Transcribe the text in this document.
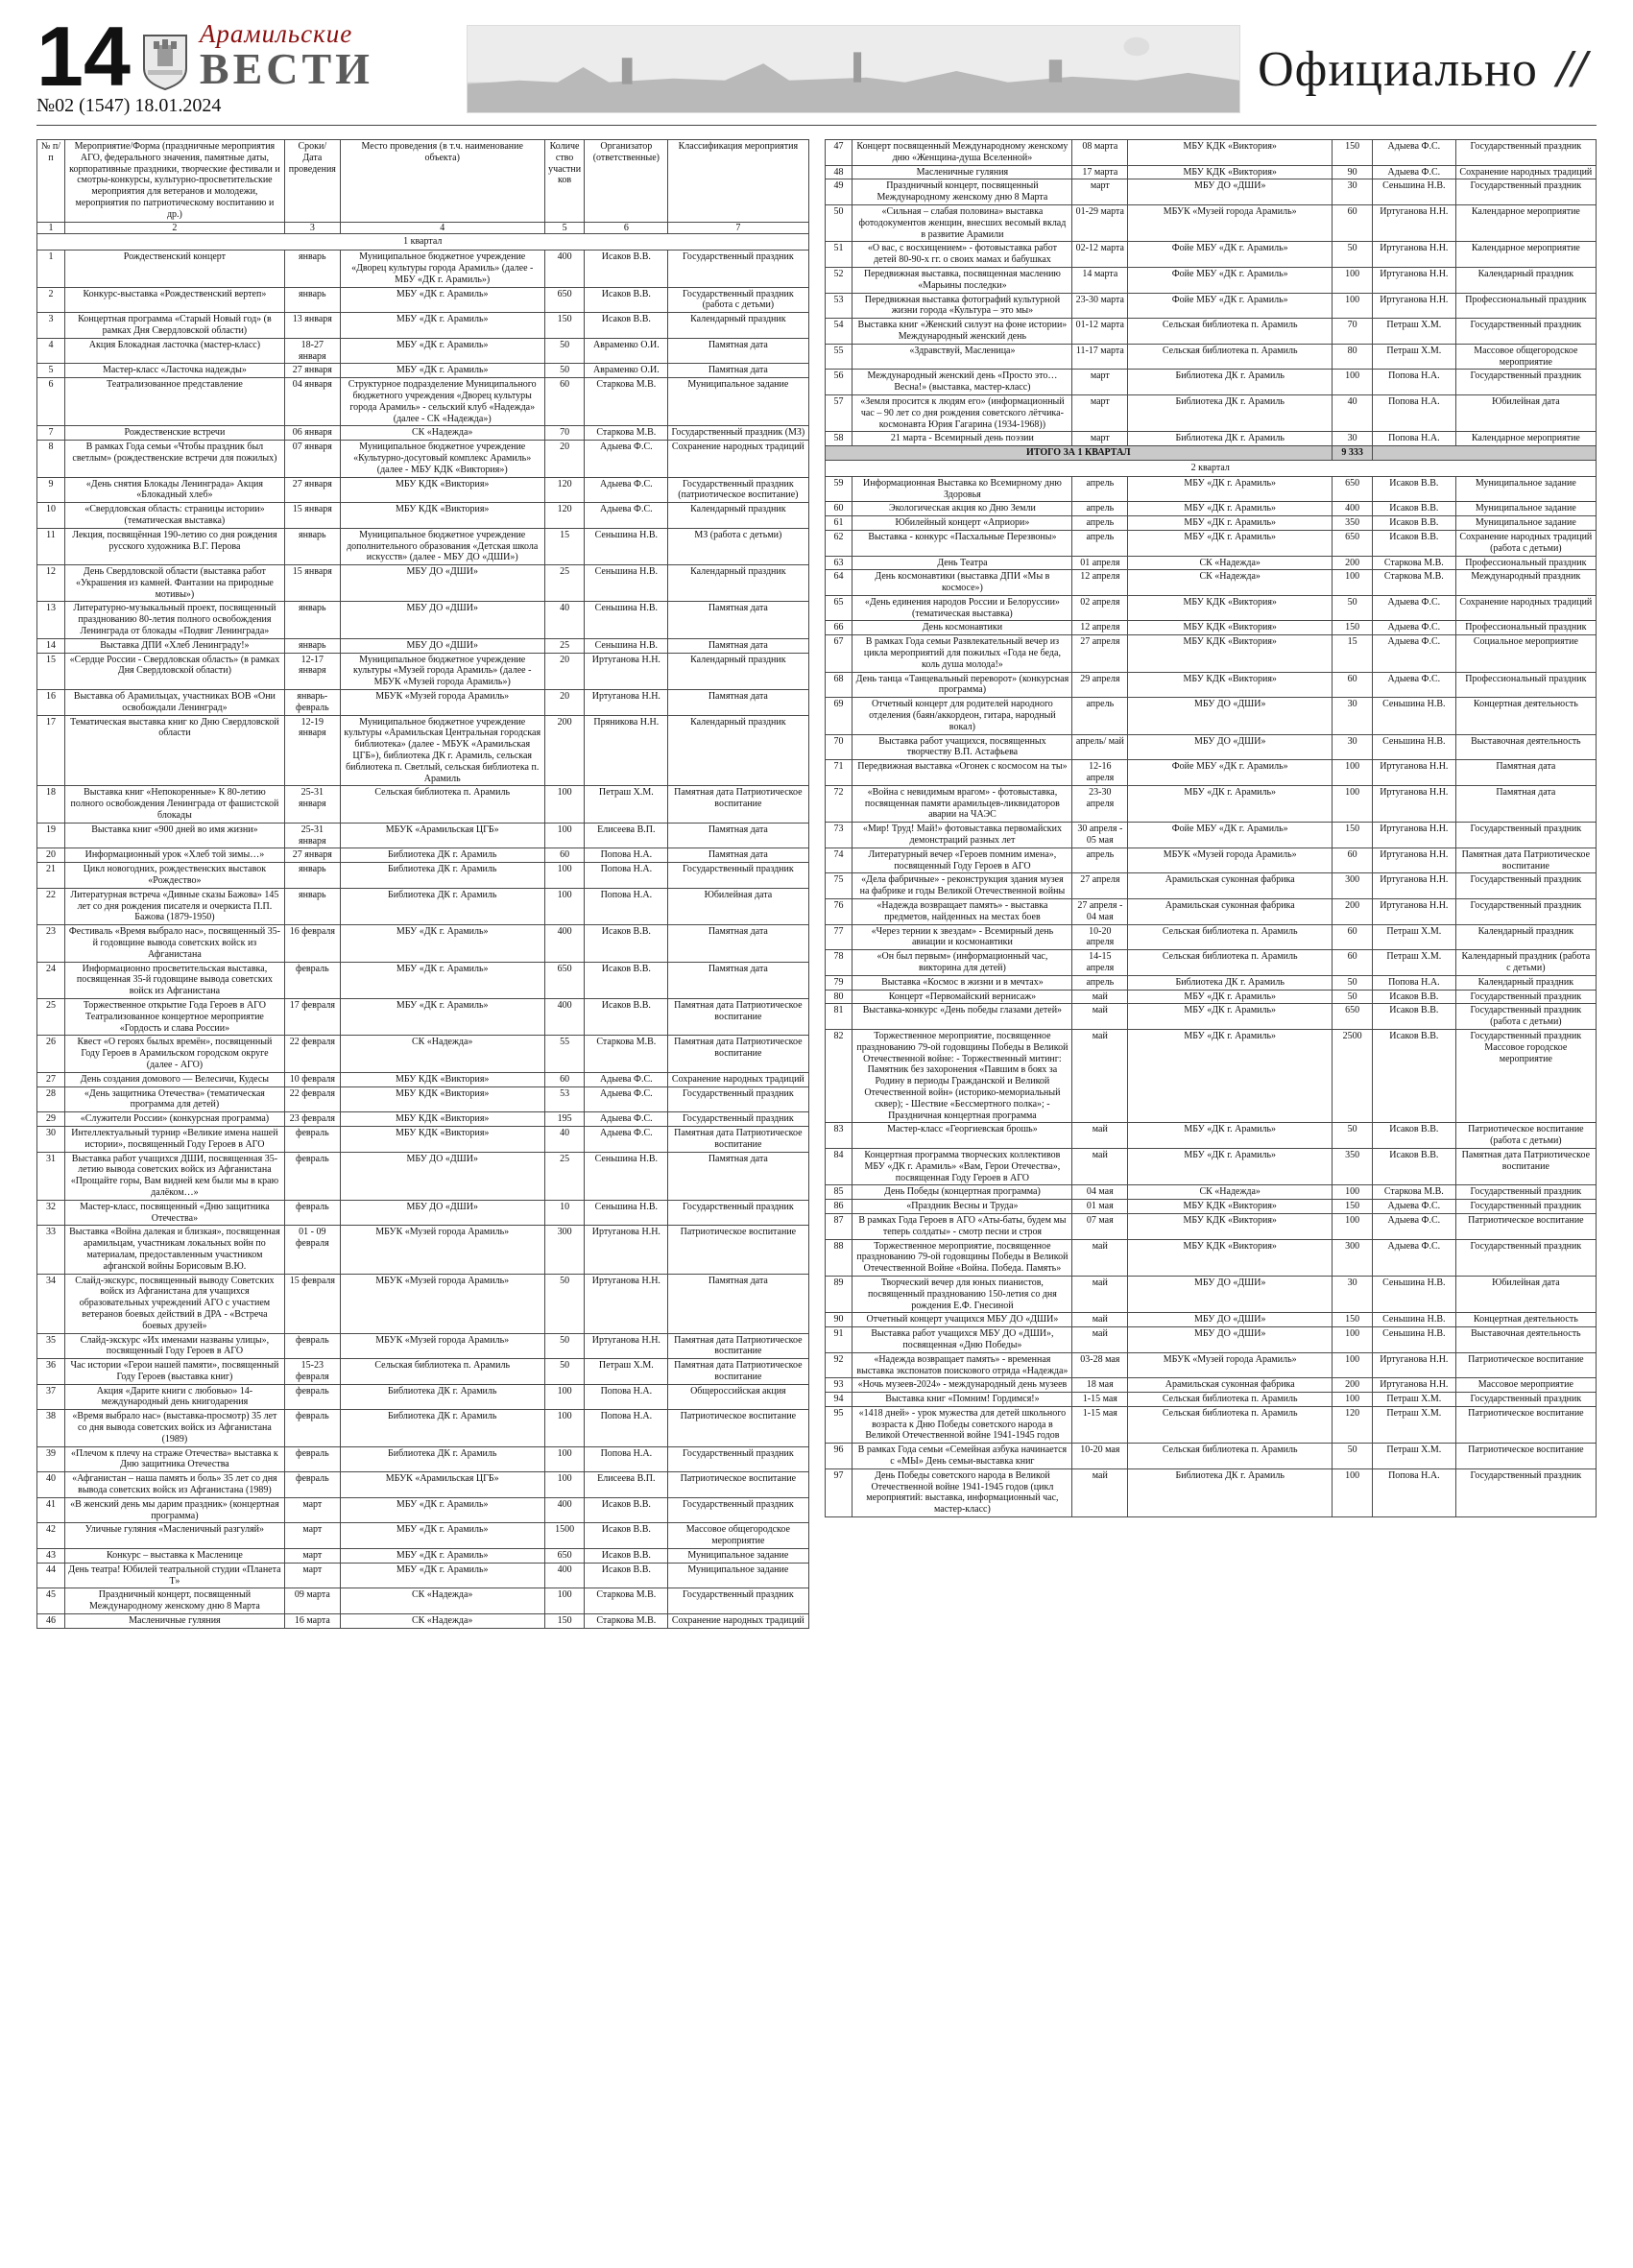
14	Арамильские
ВЕСТИ
№02 (1547) 18.01.2024
Официально //
№ п/п	Мероприятие/Форма (праздничные мероприятия АГО, федерального значения, памятные даты, корпоративные праздники, творческие фестивали и смотры-конкурсы, культурно-просветительские мероприятия для ветеранов и молодежи, мероприятия по патриотическому воспитанию и др.)	Сроки/ Дата проведения	Место проведения (в т.ч. наименование объекта)	Количество участников	Организатор (ответственные)	Классификация мероприятия
1	2	3	4	5	6	7
1 квартал						
1	Рождественский концерт	январь	Муниципальное бюджетное учреждение «Дворец культуры города Арамиль» (далее - МБУ «ДК г. Арамиль»)	400	Исаков В.В.	Государственный праздник
2	Конкурс-выставка «Рождественский вертеп»	январь	МБУ «ДК г. Арамиль»	650	Исаков В.В.	Государственный праздник (работа с детьми)
3	Концертная программа «Старый Новый год» (в рамках Дня Свердловской области)	13 января	МБУ «ДК г. Арамиль»	150	Исаков В.В.	Календарный праздник
4	Акция Блокадная ласточка (мастер-класс)	18-27 января	МБУ «ДК г. Арамиль»	50	Авраменко О.И.	Памятная дата
5	Мастер-класс «Ласточка надежды»	27 января	МБУ «ДК г. Арамиль»	50	Авраменко О.И.	Памятная дата
6	Театрализованное представление	04 января	Структурное подразделение Муниципального бюджетного учреждения «Дворец культуры города Арамиль» - сельский клуб «Надежда» (далее - СК «Надежда»)	60	Старкова М.В.	Муниципальное задание
7	Рождественские встречи	06 января	СК «Надежда»	70	Старкова М.В.	Государственный праздник (МЗ)
8	В рамках Года семьи «Чтобы праздник был светлым» (рождественские встречи для пожилых)	07 января	Муниципальное бюджетное учреждение «Культурно-досуговый комплекс Арамиль» (далее - МБУ КДК «Виктория»)	20	Адыева Ф.С.	Сохранение народных традиций
9	«День снятия Блокады Ленинграда» Акция «Блокадный хлеб»	27 января	МБУ КДК «Виктория»	120	Адыева Ф.С.	Государственный праздник (патриотическое воспитание)
10	«Свердловская область: страницы истории» (тематическая выставка)	15 января	МБУ КДК «Виктория»	120	Адыева Ф.С.	Календарный праздник
11	Лекция, посвящённая 190-летию со дня рождения русского художника В.Г. Перова	январь	Муниципальное бюджетное учреждение дополнительного образования «Детская школа искусств» (далее - МБУ ДО «ДШИ»)	15	Сеньшина Н.В.	МЗ (работа с детьми)
12	День Свердловской области (выставка работ «Украшения из камней. Фантазии на природные мотивы»)	15 января	МБУ ДО «ДШИ»	25	Сеньшина Н.В.	Календарный праздник
13	Литературно-музыкальный проект, посвященный празднованию 80-летия полного освобождения Ленинграда от блокады «Подвиг Ленинграда»	январь	МБУ ДО «ДШИ»	40	Сеньшина Н.В.	Памятная дата
14	Выставка ДПИ «Хлеб Ленинграду!»	январь	МБУ ДО «ДШИ»	25	Сеньшина Н.В.	Памятная дата
15	«Сердце России - Свердловская область» (в рамках Дня Свердловской области)	12-17 января	Муниципальное бюджетное учреждение культуры «Музей города Арамиль» (далее - МБУК «Музей города Арамиль»)	20	Иртуганова Н.Н.	Календарный праздник
16	Выставка об Арамильцах, участниках ВОВ «Они освобождали Ленинград»	январь-февраль	МБУК «Музей города Арамиль»	20	Иртуганова Н.Н.	Памятная дата
17	Тематическая выставка книг ко Дню Свердловской области	12-19 января	Муниципальное бюджетное учреждение культуры «Арамильская Центральная городская библиотека» (далее - МБУК «Арамильская ЦГБ»), библиотека ДК г. Арамиль, сельская библиотека п. Светлый, сельская библиотека п. Арамиль	200	Пряникова Н.Н.	Календарный праздник
18	Выставка книг «Непокоренные» К 80-летию полного освобождения Ленинграда от фашистской блокады	25-31 января	Сельская библиотека п. Арамиль	100	Петраш Х.М.	Памятная дата Патриотическое воспитание
19	Выставка книг «900 дней во имя жизни»	25-31 января	МБУК «Арамильская ЦГБ»	100	Елисеева В.П.	Памятная дата
20	Информационный урок «Хлеб той зимы…»	27 января	Библиотека ДК г. Арамиль	60	Попова Н.А.	Памятная дата
21	Цикл новогодних, рождественских выставок «Рождество»	январь	Библиотека ДК г. Арамиль	100	Попова Н.А.	Государственный праздник
22	Литературная встреча «Дивные сказы Бажова» 145 лет со дня рождения писателя и очеркиста П.П. Бажова (1879-1950)	январь	Библиотека ДК г. Арамиль	100	Попова Н.А.	Юбилейная дата
23	Фестиваль «Время выбрало нас», посвященный 35-й годовщине вывода советских войск из Афганистана	16 февраля	МБУ «ДК г. Арамиль»	400	Исаков В.В.	Памятная дата
24	Информационно просветительская выставка, посвященная 35-й годовщине вывода советских войск из Афганистана	февраль	МБУ «ДК г. Арамиль»	650	Исаков В.В.	Памятная дата
25	Торжественное открытие Года Героев в АГО Театрализованное концертное мероприятие «Гордость и слава России»	17 февраля	МБУ «ДК г. Арамиль»	400	Исаков В.В.	Памятная дата Патриотическое воспитание
26	Квест «О героях былых времён», посвященный Году Героев в Арамильском городском округе (далее - АГО)	22 февраля	СК «Надежда»	55	Старкова М.В.	Памятная дата Патриотическое воспитание
27	День создания домового — Велесичи, Кудесы	10 февраля	МБУ КДК «Виктория»	60	Адыева Ф.С.	Сохранение народных традиций
28	«День защитника Отечества» (тематическая программа для детей)	22 февраля	МБУ КДК «Виктория»	53	Адыева Ф.С.	Государственный праздник
29	«Служители России» (конкурсная программа)	23 февраля	МБУ КДК «Виктория»	195	Адыева Ф.С.	Государственный праздник
30	Интеллектуальный турнир «Великие имена нашей истории», посвященный Году Героев в АГО	февраль	МБУ КДК «Виктория»	40	Адыева Ф.С.	Памятная дата Патриотическое воспитание
31	Выставка работ учащихся ДШИ, посвященная 35-летию вывода советских войск из Афганистана «Прощайте горы, Вам видней кем были мы в краю далёком…»	февраль	МБУ ДО «ДШИ»	25	Сеньшина Н.В.	Памятная дата
32	Мастер-класс, посвященный «Дню защитника Отечества»	февраль	МБУ ДО «ДШИ»	10	Сеньшина Н.В.	Государственный праздник
33	Выставка «Война далекая и близкая», посвященная арамильцам, участникам локальных войн по материалам, предоставленным участником афганской войны Борисовым В.Ю.	01 - 09 февраля	МБУК «Музей города Арамиль»	300	Иртуганова Н.Н.	Патриотическое воспитание
34	Слайд-экскурс, посвященный выводу Советских войск из Афганистана для учащихся образовательных учреждений АГО с участием ветеранов боевых действий в ДРА - «Встреча боевых друзей»	15 февраля	МБУК «Музей города Арамиль»	50	Иртуганова Н.Н.	Памятная дата
35	Слайд-экскурс «Их именами названы улицы», посвященный Году Героев в АГО	февраль	МБУК «Музей города Арамиль»	50	Иртуганова Н.Н.	Памятная дата Патриотическое воспитание
36	Час истории «Герои нашей памяти», посвященный Году Героев (выставка книг)	15-23 февраля	Сельская библиотека п. Арамиль	50	Петраш Х.М.	Памятная дата Патриотическое воспитание
37	Акция «Дарите книги с любовью» 14-международный день книгодарения	февраль	Библиотека ДК г. Арамиль	100	Попова Н.А.	Общероссийская акция
38	«Время выбрало нас» (выставка-просмотр) 35 лет со дня вывода советских войск из Афганистана (1989)	февраль	Библиотека ДК г. Арамиль	100	Попова Н.А.	Патриотическое воспитание
39	«Плечом к плечу на страже Отечества» выставка к Дню защитника Отечества	февраль	Библиотека ДК г. Арамиль	100	Попова Н.А.	Государственный праздник
40	«Афганистан – наша память и боль» 35 лет со дня вывода советских войск из Афганистана (1989)	февраль	МБУК «Арамильская ЦГБ»	100	Елисеева В.П.	Патриотическое воспитание
41	«В женский день мы дарим праздник» (концертная программа)	март	МБУ «ДК г. Арамиль»	400	Исаков В.В.	Государственный праздник
42	Уличные гуляния «Масленичный разгуляй»	март	МБУ «ДК г. Арамиль»	1500	Исаков В.В.	Массовое общегородское мероприятие
43	Конкурс – выставка к Масленице	март	МБУ «ДК г. Арамиль»	650	Исаков В.В.	Муниципальное задание
44	День театра! Юбилей театральной студии «Планета Т»	март	МБУ «ДК г. Арамиль»	400	Исаков В.В.	Муниципальное задание
45	Праздничный концерт, посвященный Международному женскому дню 8 Марта	09 марта	СК «Надежда»	100	Старкова М.В.	Государственный праздник
46	Масленичные гуляния	16 марта	СК «Надежда»	150	Старкова М.В.	Сохранение народных традиций
47	Концерт посвященный Международному женскому дню «Женщина-душа Вселенной»	08 марта	МБУ КДК «Виктория»	150	Адыева Ф.С.	Государственный праздник
48	Масленичные гуляния	17 марта	МБУ КДК «Виктория»	90	Адыева Ф.С.	Сохранение народных традиций
49	Праздничный концерт, посвященный Международному женскому дню 8 Марта	март	МБУ ДО «ДШИ»	30	Сеньшина Н.В.	Государственный праздник
50	«Сильная – слабая половина» выставка фотодокументов женщин, внесших весомый вклад в развитие Арамили	01-29 марта	МБУК «Музей города Арамиль»	60	Иртуганова Н.Н.	Календарное мероприятие
51	«О вас, с восхищением» - фотовыставка работ детей 80-90-х гг. о своих мамах и бабушках	02-12 марта	Фойе МБУ «ДК г. Арамиль»	50	Иртуганова Н.Н.	Календарное мероприятие
52	Передвижная выставка, посвященная маслению «Марьины последки»	14 марта	Фойе МБУ «ДК г. Арамиль»	100	Иртуганова Н.Н.	Календарный праздник
53	Передвижная выставка фотографий культурной жизни города «Культура – это мы»	23-30 марта	Фойе МБУ «ДК г. Арамиль»	100	Иртуганова Н.Н.	Профессиональный праздник
54	Выставка книг «Женский силуэт на фоне истории» Международный женский день	01-12 марта	Сельская библиотека п. Арамиль	70	Петраш Х.М.	Государственный праздник
55	«Здравствуй, Масленица»	11-17 марта	Сельская библиотека п. Арамиль	80	Петраш Х.М.	Массовое общегородское мероприятие
56	Международный женский день «Просто это… Весна!» (выставка, мастер-класс)	март	Библиотека ДК г. Арамиль	100	Попова Н.А.	Государственный праздник
57	«Земля просится к людям его» (информационный час – 90 лет со дня рождения советского лётчика-космонавта Юрия Гагарина (1934-1968))	март	Библиотека ДК г. Арамиль	40	Попова Н.А.	Юбилейная дата
58	21 марта - Всемирный день поэзии	март	Библиотека ДК г. Арамиль	30	Попова Н.А.	Календарное мероприятие
ИТОГО ЗА 1 КВАРТАЛ				9 333		
2 квартал						
59	Информационная Выставка ко Всемирному дню Здоровья	апрель	МБУ «ДК г. Арамиль»	650	Исаков В.В.	Муниципальное задание
60	Экологическая акция ко Дню Земли	апрель	МБУ «ДК г. Арамиль»	400	Исаков В.В.	Муниципальное задание
61	Юбилейный концерт «Априори»	апрель	МБУ «ДК г. Арамиль»	350	Исаков В.В.	Муниципальное задание
62	Выставка - конкурс «Пасхальные Перезвоны»	апрель	МБУ «ДК г. Арамиль»	650	Исаков В.В.	Сохранение народных традиций (работа с детьми)
63	День Театра	01 апреля	СК «Надежда»	200	Старкова М.В.	Профессиональный праздник
64	День космонавтики (выставка ДПИ «Мы в космосе»)	12 апреля	СК «Надежда»	100	Старкова М.В.	Международный праздник
65	«День единения народов России и Белоруссии» (тематическая выставка)	02 апреля	МБУ КДК «Виктория»	50	Адыева Ф.С.	Сохранение народных традиций
66	День космонавтики	12 апреля	МБУ КДК «Виктория»	150	Адыева Ф.С.	Профессиональный праздник
67	В рамках Года семьи Развлекательный вечер из цикла мероприятий для пожилых «Года не беда, коль душа молода!»	27 апреля	МБУ КДК «Виктория»	15	Адыева Ф.С.	Социальное мероприятие
68	День танца «Танцевальный переворот» (конкурсная программа)	29 апреля	МБУ КДК «Виктория»	60	Адыева Ф.С.	Профессиональный праздник
69	Отчетный концерт для родителей народного отделения (баян/аккордеон, гитара, народный вокал)	апрель	МБУ ДО «ДШИ»	30	Сеньшина Н.В.	Концертная деятельность
70	Выставка работ учащихся, посвященных творчеству В.П. Астафьева	апрель/ май	МБУ ДО «ДШИ»	30	Сеньшина Н.В.	Выставочная деятельность
71	Передвижная выставка «Огонек с космосом на ты»	12-16 апреля	Фойе МБУ «ДК г. Арамиль»	100	Иртуганова Н.Н.	Памятная дата
72	«Война с невидимым врагом» - фотовыставка, посвященная памяти арамильцев-ликвидаторов аварии на ЧАЭС	23-30 апреля	МБУ «ДК г. Арамиль»	100	Иртуганова Н.Н.	Памятная дата
73	«Мир! Труд! Май!» фотовыставка первомайских демонстраций разных лет	30 апреля - 05 мая	Фойе МБУ «ДК г. Арамиль»	150	Иртуганова Н.Н.	Государственный праздник
74	Литературный вечер «Героев помним имена», посвященный Году Героев в АГО	апрель	МБУК «Музей города Арамиль»	60	Иртуганова Н.Н.	Памятная дата Патриотическое воспитание
75	«Дела фабричные» - реконструкция здания музея на фабрике и годы Великой Отечественной войны	27 апреля	Арамильская суконная фабрика	300	Иртуганова Н.Н.	Государственный праздник
76	«Надежда возвращает память» - выставка предметов, найденных на местах боев	27 апреля - 04 мая	Арамильская суконная фабрика	200	Иртуганова Н.Н.	Государственный праздник
77	«Через тернии к звездам» - Всемирный день авиации и космонавтики	10-20 апреля	Сельская библиотека п. Арамиль	60	Петраш Х.М.	Календарный праздник
78	«Он был первым» (информационный час, викторина для детей)	14-15 апреля	Сельская библиотека п. Арамиль	60	Петраш Х.М.	Календарный праздник (работа с детьми)
79	Выставка «Космос в жизни и в мечтах»	апрель	Библиотека ДК г. Арамиль	50	Попова Н.А.	Календарный праздник
80	Концерт «Первомайский вернисаж»	май	МБУ «ДК г. Арамиль»	50	Исаков В.В.	Государственный праздник
81	Выставка-конкурс «День победы глазами детей»	май	МБУ «ДК г. Арамиль»	650	Исаков В.В.	Государственный праздник (работа с детьми)
82	Торжественное мероприятие, посвященное празднованию 79-ой годовщины Победы в Великой Отечественной войне: - Торжественный митинг: Памятник без захоронения «Павшим в боях за Родину в периоды Гражданской и Великой Отечественной войн» (историко-мемориальный сквер); - Шествие «Бессмертного полка»; - Праздничная концертная программа	май	МБУ «ДК г. Арамиль»	2500	Исаков В.В.	Государственный праздник Массовое городское мероприятие
83	Мастер-класс «Георгиевская брошь»	май	МБУ «ДК г. Арамиль»	50	Исаков В.В.	Патриотическое воспитание (работа с детьми)
84	Концертная программа творческих коллективов МБУ «ДК г. Арамиль» «Вам, Герои Отечества», посвященная Году Героев в АГО	май	МБУ «ДК г. Арамиль»	350	Исаков В.В.	Памятная дата Патриотическое воспитание
85	День Победы (концертная программа)	04 мая	СК «Надежда»	100	Старкова М.В.	Государственный праздник
86	«Праздник Весны и Труда»	01 мая	МБУ КДК «Виктория»	150	Адыева Ф.С.	Государственный праздник
87	В рамках Года Героев в АГО «Аты-баты, будем мы теперь солдаты» - смотр песни и строя	07 мая	МБУ КДК «Виктория»	100	Адыева Ф.С.	Патриотическое воспитание
88	Торжественное мероприятие, посвященное празднованию 79-ой годовщины Победы в Великой Отечественной Войне «Война. Победа. Память»	май	МБУ КДК «Виктория»	300	Адыева Ф.С.	Государственный праздник
89	Творческий вечер для юных пианистов, посвященный празднованию 150-летия со дня рождения Е.Ф. Гнесиной	май	МБУ ДО «ДШИ»	30	Сеньшина Н.В.	Юбилейная дата
90	Отчетный концерт учащихся МБУ ДО «ДШИ»	май	МБУ ДО «ДШИ»	150	Сеньшина Н.В.	Концертная деятельность
91	Выставка работ учащихся МБУ ДО «ДШИ», посвященная «Дню Победы»	май	МБУ ДО «ДШИ»	100	Сеньшина Н.В.	Выставочная деятельность
92	«Надежда возвращает память» - временная выставка экспонатов поискового отряда «Надежда»	03-28 мая	МБУК «Музей города Арамиль»	100	Иртуганова Н.Н.	Патриотическое воспитание
93	«Ночь музеев-2024» - международный день музеев	18 мая	Арамильская суконная фабрика	200	Иртуганова Н.Н.	Массовое мероприятие
94	Выставка книг «Помним! Гордимся!»	1-15 мая	Сельская библиотека п. Арамиль	100	Петраш Х.М.	Государственный праздник
95	«1418 дней» - урок мужества для детей школьного возраста к Дню Победы советского народа в Великой Отечественной войне 1941-1945 годов	1-15 мая	Сельская библиотека п. Арамиль	120	Петраш Х.М.	Патриотическое воспитание
96	В рамках Года семьи «Семейная азбука начинается с «МЫ» День семьи-выставка книг	10-20 мая	Сельская библиотека п. Арамиль	50	Петраш Х.М.	Патриотическое воспитание
97	День Победы советского народа в Великой Отечественной войне 1941-1945 годов (цикл мероприятий: выставка, информационный час, мастер-класс)	май	Библиотека ДК г. Арамиль	100	Попова Н.А.	Государственный праздник
